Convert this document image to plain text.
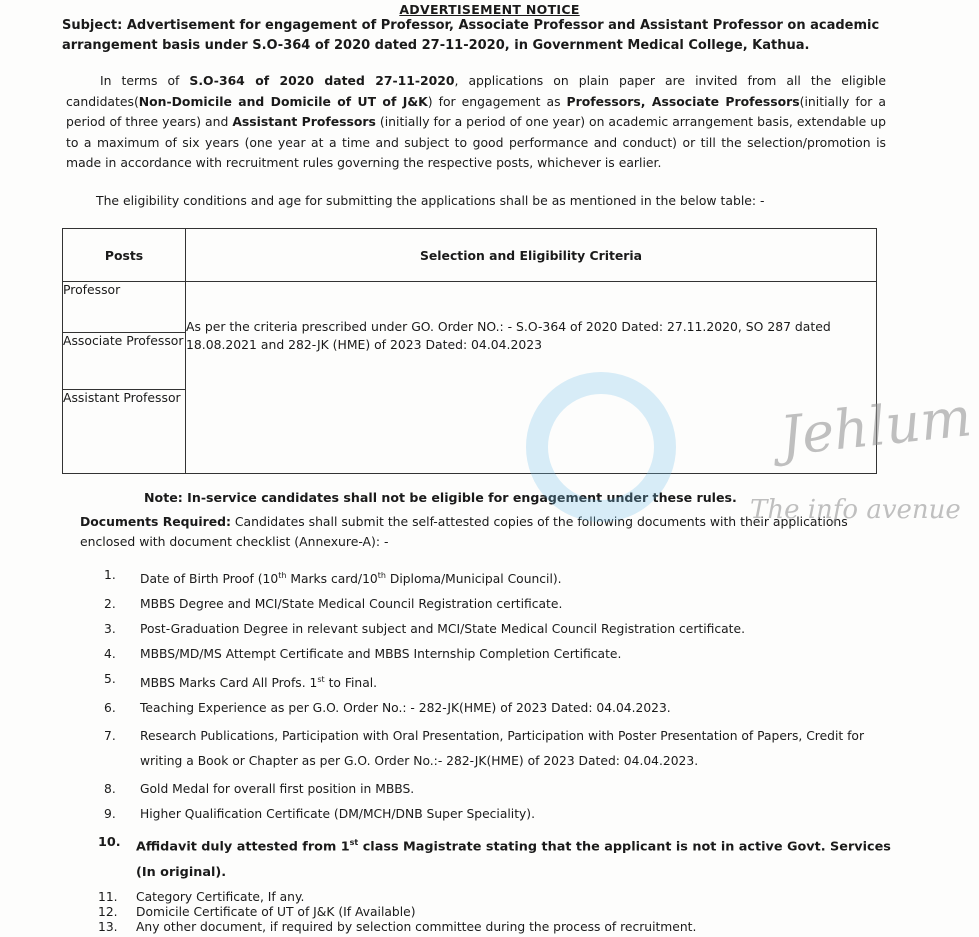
ADVERTISEMENT NOTICE
Subject: Advertisement for engagement of Professor, Associate Professor and Assistant Professor on academic arrangement basis under S.O-364 of 2020 dated 27-11-2020, in Government Medical College, Kathua.
In terms of S.O-364 of 2020 dated 27-11-2020, applications on plain paper are invited from all the eligible candidates(Non-Domicile and Domicile of UT of J&K) for engagement as Professors, Associate Professors(initially for a period of three years) and Assistant Professors (initially for a period of one year) on academic arrangement basis, extendable up to a maximum of six years (one year at a time and subject to good performance and conduct) or till the selection/promotion is made in accordance with recruitment rules governing the respective posts, whichever is earlier.
The eligibility conditions and age for submitting the applications shall be as mentioned in the below table: -
Posts	Selection and Eligibility Criteria
Professor	As per the criteria prescribed under GO. Order NO.: - S.O-364 of 2020 Dated: 27.11.2020, SO 287 dated 18.08.2021 and 282-JK (HME) of 2023 Dated: 04.04.2023

Associate Professor	
Assistant Professor	
Note: In-service candidates shall not be eligible for engagement under these rules.
Documents Required: Candidates shall submit the self-attested copies of the following documents with their applications enclosed with document checklist (Annexure-A): -
1. Date of Birth Proof (10th Marks card/10th Diploma/Municipal Council).
2. MBBS Degree and MCI/State Medical Council Registration certificate.
3. Post-Graduation Degree in relevant subject and MCI/State Medical Council Registration certificate.
4. MBBS/MD/MS Attempt Certificate and MBBS Internship Completion Certificate.
5. MBBS Marks Card All Profs. 1st to Final.
6. Teaching Experience as per G.O. Order No.: - 282-JK(HME) of 2023 Dated: 04.04.2023.
7. Research Publications, Participation with Oral Presentation, Participation with Poster Presentation of Papers, Credit for writing a Book or Chapter as per G.O. Order No.:- 282-JK(HME) of 2023 Dated: 04.04.2023.
8. Gold Medal for overall first position in MBBS.
9. Higher Qualification Certificate (DM/MCH/DNB Super Speciality).
10. Affidavit duly attested from 1st class Magistrate stating that the applicant is not in active Govt. Services (In original).
11. Category Certificate, If any.
12. Domicile Certificate of UT of J&K (If Available)
13. Any other document, if required by selection committee during the process of recruitment.
Jehlum
The info avenue
